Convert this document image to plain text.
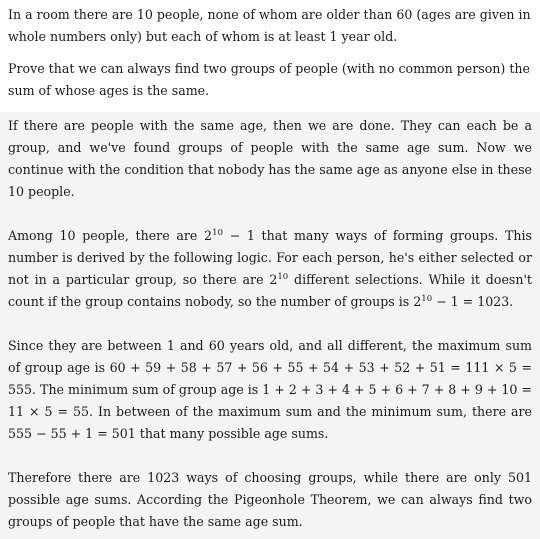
In a room there are 10 people, none of whom are older than 60 (ages are given in whole numbers only) but each of whom is at least 1 year old.

Prove that we can always find two groups of people (with no common person) the sum of whose ages is the same.

If there are people with the same age, then we are done. They can each be a group, and we've found groups of people with the same age sum. Now we continue with the condition that nobody has the same age as anyone else in these 10 people.

Among 10 people, there are $2^{10} - 1$ that many ways of forming groups. This number is derived by the following logic. For each person, he's either selected or not in a particular group, so there are $2^{10}$ different selections. While it doesn't count if the group contains nobody, so the number of groups is $2^{10} - 1 = 1023$.

Since they are between 1 and 60 years old, and all different, the maximum sum of group age is 60 + 59 + 58 + 57 + 56 + 55 + 54 + 53 + 52 + 51 = 111 × 5 = 555. The minimum sum of group age is 1 + 2 + 3 + 4 + 5 + 6 + 7 + 8 + 9 + 10 = 11 × 5 = 55. In between of the maximum sum and the minimum sum, there are 555 − 55 + 1 = 501 that many possible age sums.

Therefore there are 1023 ways of choosing groups, while there are only 501 possible age sums. According the Pigeonhole Theorem, we can always find two groups of people that have the same age sum.
